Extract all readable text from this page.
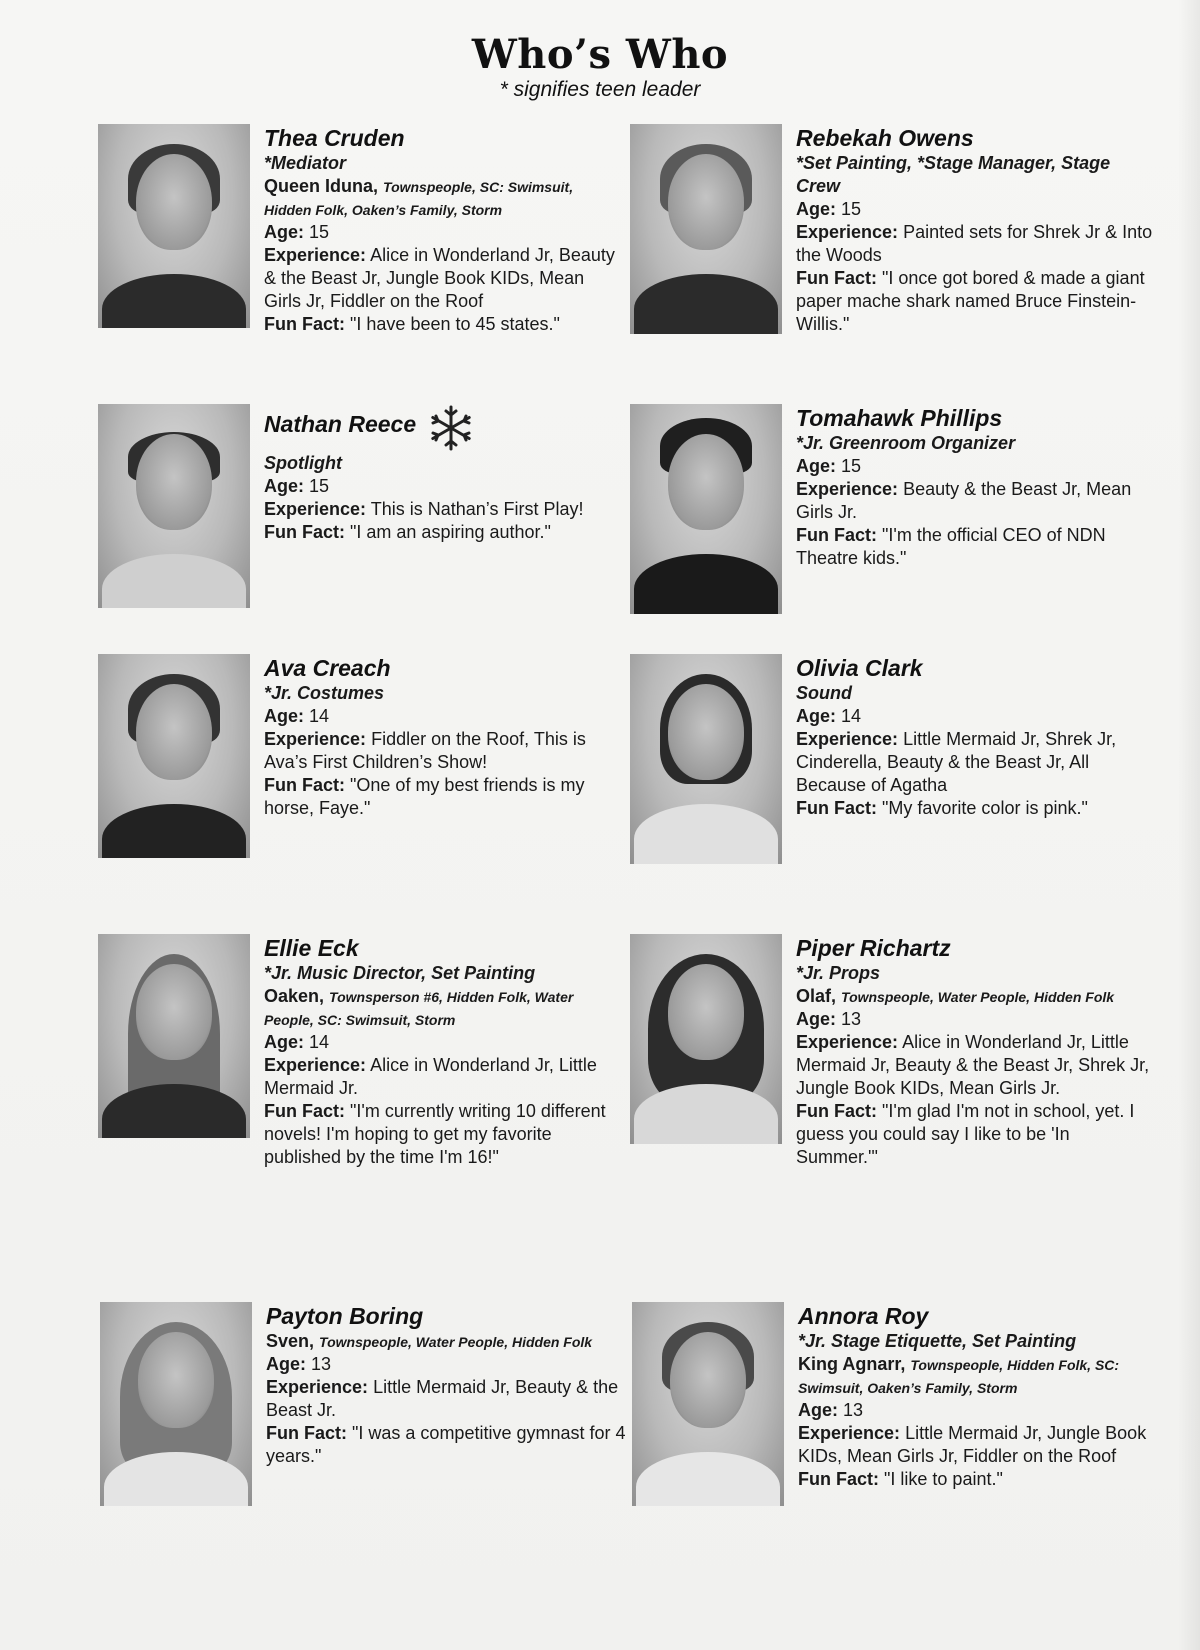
Who’s Who
* signifies teen leader
Thea Cruden
*Mediator
Queen Iduna, Townspeople, SC: Swimsuit, Hidden Folk, Oaken’s Family, Storm
Age: 15
Experience: Alice in Wonderland Jr, Beauty & the Beast Jr, Jungle Book KIDs, Mean Girls Jr, Fiddler on the Roof
Fun Fact: "I have been to 45 states."
Rebekah Owens
*Set Painting, *Stage Manager, Stage Crew
Age: 15
Experience: Painted sets for Shrek Jr & Into the Woods
Fun Fact: "I once got bored & made a giant paper mache shark named Bruce Finstein-Willis."
Nathan Reece
Spotlight
Age: 15
Experience: This is Nathan’s First Play!
Fun Fact: "I am an aspiring author."
Tomahawk Phillips
*Jr. Greenroom Organizer
Age: 15
Experience: Beauty & the Beast Jr, Mean Girls Jr.
Fun Fact: "I'm the official CEO of NDN Theatre kids."
Ava Creach
*Jr. Costumes
Age: 14
Experience: Fiddler on the Roof, This is Ava’s First Children’s Show!
Fun Fact: "One of my best friends is my horse, Faye."
Olivia Clark
Sound
Age: 14
Experience: Little Mermaid Jr, Shrek Jr, Cinderella, Beauty & the Beast Jr, All Because of Agatha
Fun Fact: "My favorite color is pink."
Ellie Eck
*Jr. Music Director, Set Painting
Oaken, Townsperson #6, Hidden Folk, Water People, SC: Swimsuit, Storm
Age: 14
Experience: Alice in Wonderland Jr, Little Mermaid Jr.
Fun Fact: "I'm currently writing 10 different novels! I'm hoping to get my favorite published by the time I'm 16!"
Piper Richartz
*Jr. Props
Olaf, Townspeople, Water People, Hidden Folk
Age: 13
Experience: Alice in Wonderland Jr, Little Mermaid Jr, Beauty & the Beast Jr, Shrek Jr, Jungle Book KIDs, Mean Girls Jr.
Fun Fact: "I'm glad I'm not in school, yet. I guess you could say I like to be 'In Summer.'"
Payton Boring
Sven, Townspeople, Water People, Hidden Folk
Age: 13
Experience: Little Mermaid Jr, Beauty & the Beast Jr.
Fun Fact: "I was a competitive gymnast for 4 years."
Annora Roy
*Jr. Stage Etiquette, Set Painting
King Agnarr, Townspeople, Hidden Folk, SC: Swimsuit, Oaken’s Family, Storm
Age: 13
Experience: Little Mermaid Jr, Jungle Book KIDs, Mean Girls Jr, Fiddler on the Roof
Fun Fact: "I like to paint."
